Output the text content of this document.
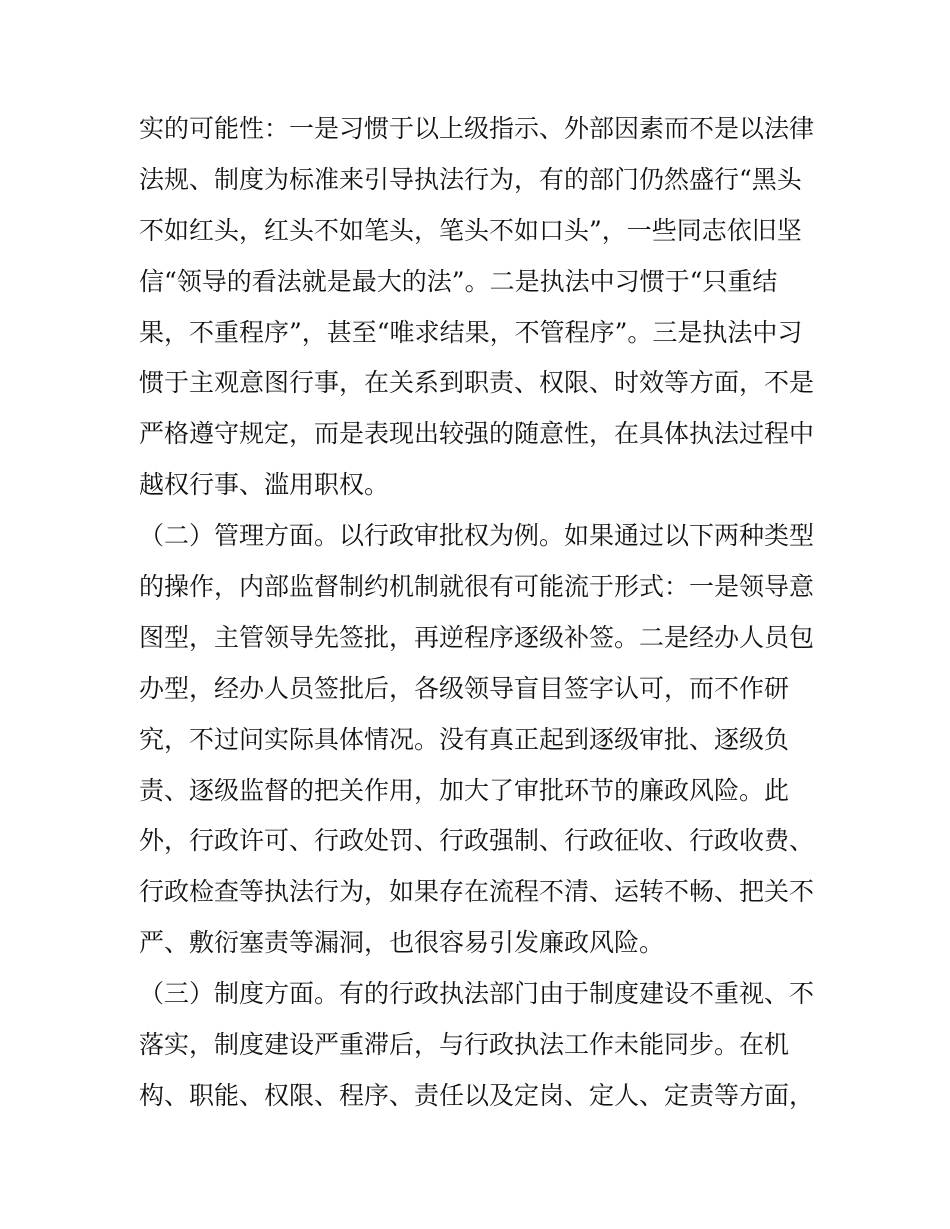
实的可能性：一是习惯于以上级指示、外部因素而不是以法律
法规、制度为标准来引导执法行为，有的部门仍然盛行“黑头
不如红头，红头不如笔头，笔头不如口头”，一些同志依旧坚
信“领导的看法就是最大的法”。二是执法中习惯于“只重结
果，不重程序”，甚至“唯求结果，不管程序”。三是执法中习
惯于主观意图行事，在关系到职责、权限、时效等方面，不是
严格遵守规定，而是表现出较强的随意性，在具体执法过程中
越权行事、滥用职权。
（二）管理方面。以行政审批权为例。如果通过以下两种类型
的操作，内部监督制约机制就很有可能流于形式：一是领导意
图型，主管领导先签批，再逆程序逐级补签。二是经办人员包
办型，经办人员签批后，各级领导盲目签字认可，而不作研
究，不过问实际具体情况。没有真正起到逐级审批、逐级负
责、逐级监督的把关作用，加大了审批环节的廉政风险。此
外，行政许可、行政处罚、行政强制、行政征收、行政收费、
行政检查等执法行为，如果存在流程不清、运转不畅、把关不
严、敷衍塞责等漏洞，也很容易引发廉政风险。
（三）制度方面。有的行政执法部门由于制度建设不重视、不
落实，制度建设严重滞后，与行政执法工作未能同步。在机
构、职能、权限、程序、责任以及定岗、定人、定责等方面，
